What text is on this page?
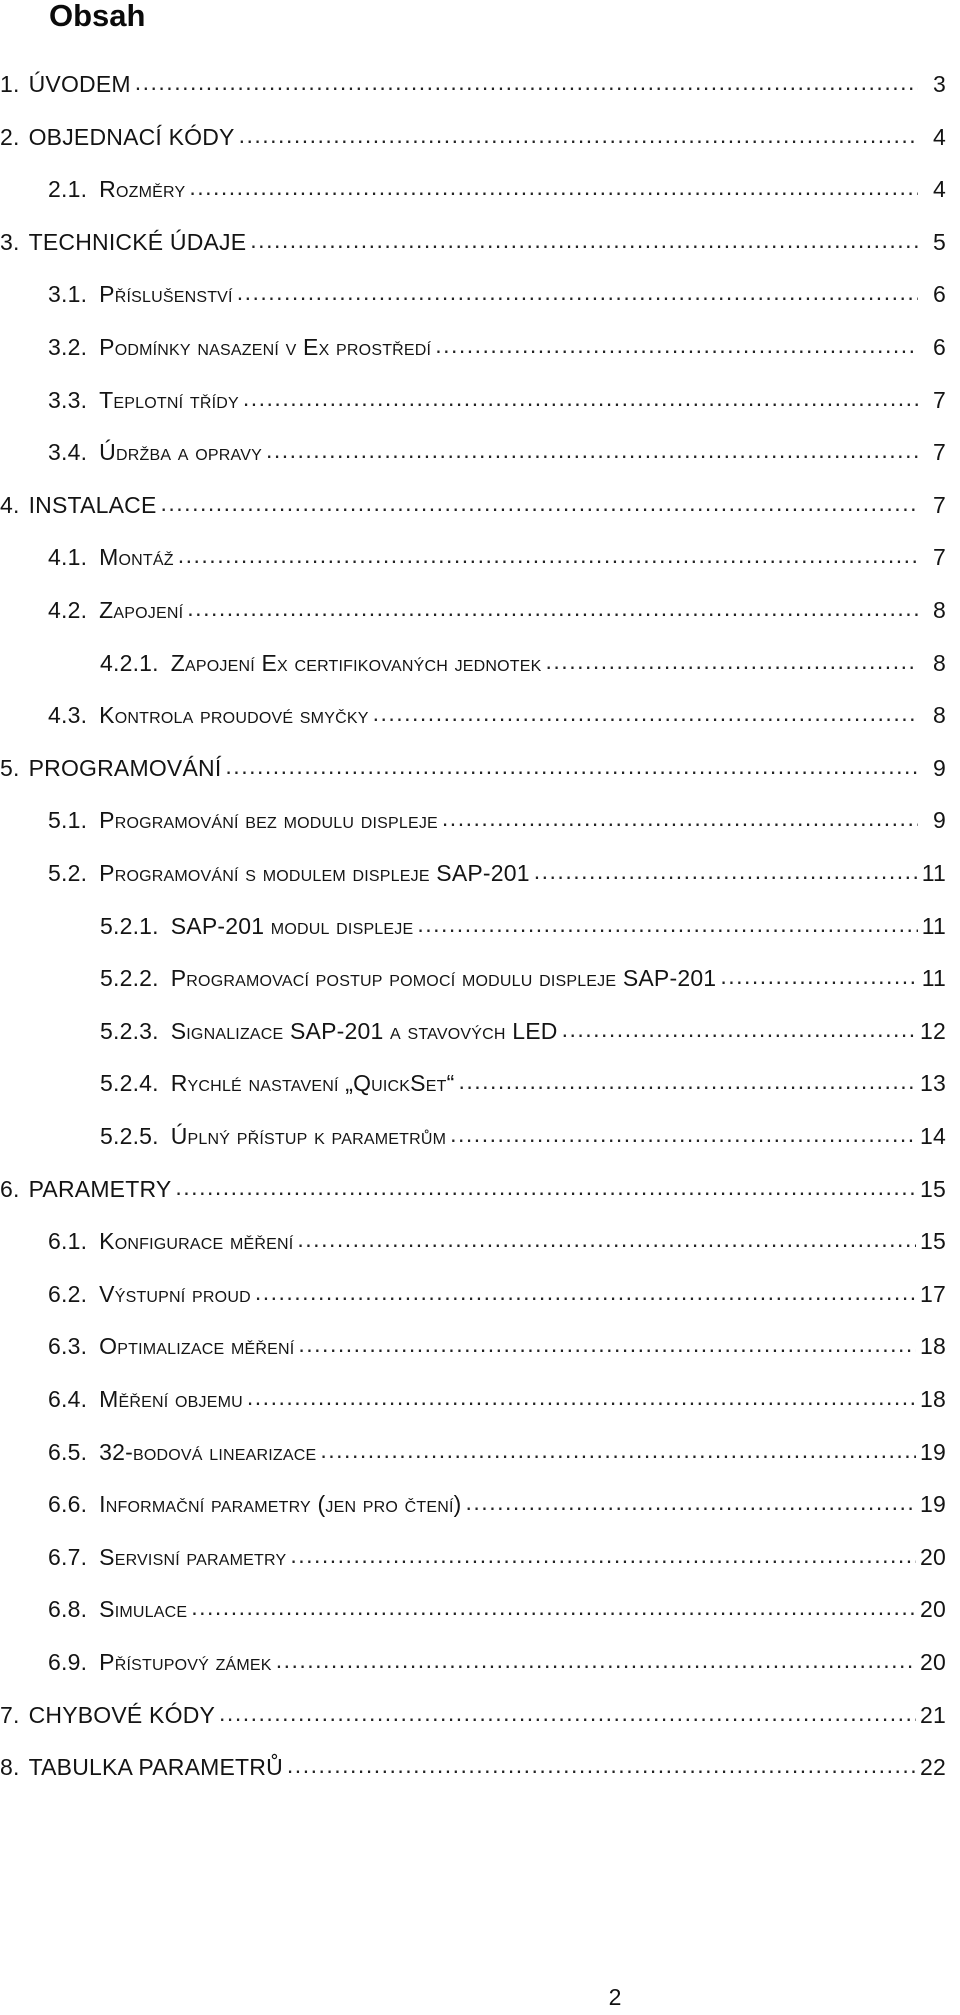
Obsah
1. ÚVODEM .....	3
2. OBJEDNACÍ KÓDY .....	4
2.1. Rozměry .....	4
3. TECHNICKÉ ÚDAJE .....	5
3.1. Příslušenství .....	6
3.2. Podmínky nasazení v Ex prostředí .....	6
3.3. Teplotní třídy .....	7
3.4. Údržba a opravy .....	7
4. INSTALACE .....	7
4.1. Montáž .....	7
4.2. Zapojení .....	8
4.2.1. Zapojení Ex certifikovaných jednotek .....	8
4.3. Kontrola proudové smyčky .....	8
5. PROGRAMOVÁNÍ .....	9
5.1. Programování bez modulu displeje .....	9
5.2. Programování s modulem displeje SAP-201 .....	11
5.2.1. SAP-201 modul displeje .....	11
5.2.2. Programovací postup pomocí modulu displeje SAP-201 .....	11
5.2.3. Signalizace SAP-201 a stavových LED .....	12
5.2.4. Rychlé nastavení „QuickSet“ .....	13
5.2.5. Úplný přístup k parametrům .....	14
6. PARAMETRY .....	15
6.1. Konfigurace měření .....	15
6.2. Výstupní proud .....	17
6.3. Optimalizace měření .....	18
6.4. Měření objemu .....	18
6.5. 32-bodová linearizace .....	19
6.6. Informační parametry (jen pro čtení) .....	19
6.7. Servisní parametry .....	20
6.8. Simulace .....	20
6.9. Přístupový zámek .....	20
7. CHYBOVÉ KÓDY .....	21
8. TABULKA PARAMETRŮ .....	22
2
